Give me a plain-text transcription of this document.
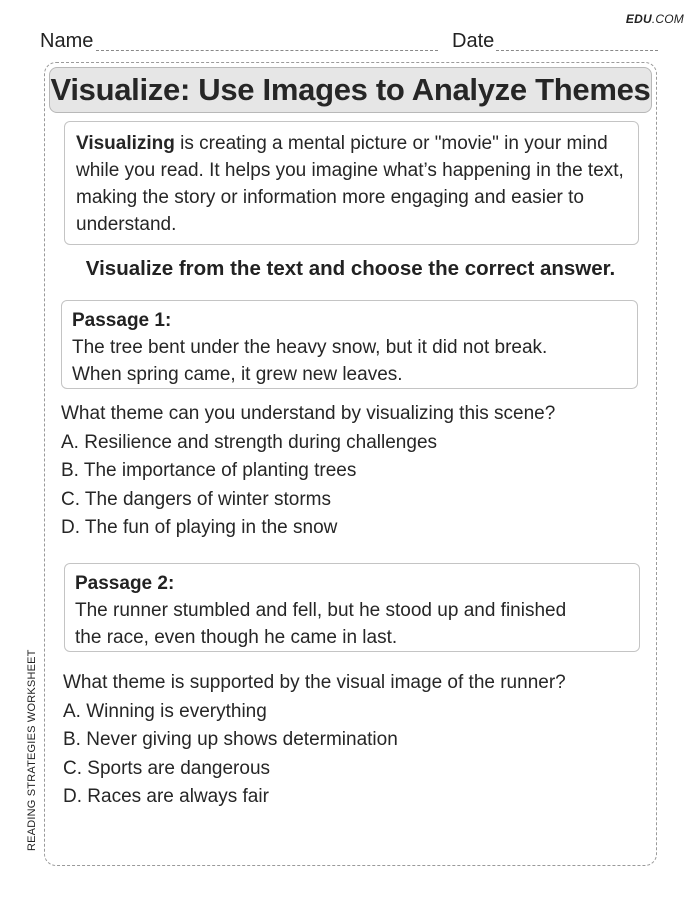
EDU.COM
Name	Date
READING STRATEGIES WORKSHEET
Visualize: Use Images to Analyze Themes
Visualizing is creating a mental picture or "movie" in your mind while you read. It helps you imagine what’s happening in the text, making the story or information more engaging and easier to understand.
Visualize from the text and choose the correct answer.
Passage 1:
The tree bent under the heavy snow, but it did not break.
When spring came, it grew new leaves.
What theme can you understand by visualizing this scene?
A. Resilience and strength during challenges
B. The importance of planting trees
C. The dangers of winter storms
D. The fun of playing in the snow
Passage 2:
The runner stumbled and fell, but he stood up and finished
the race, even though he came in last.
What theme is supported by the visual image of the runner?
A. Winning is everything
B. Never giving up shows determination
C. Sports are dangerous
D. Races are always fair
